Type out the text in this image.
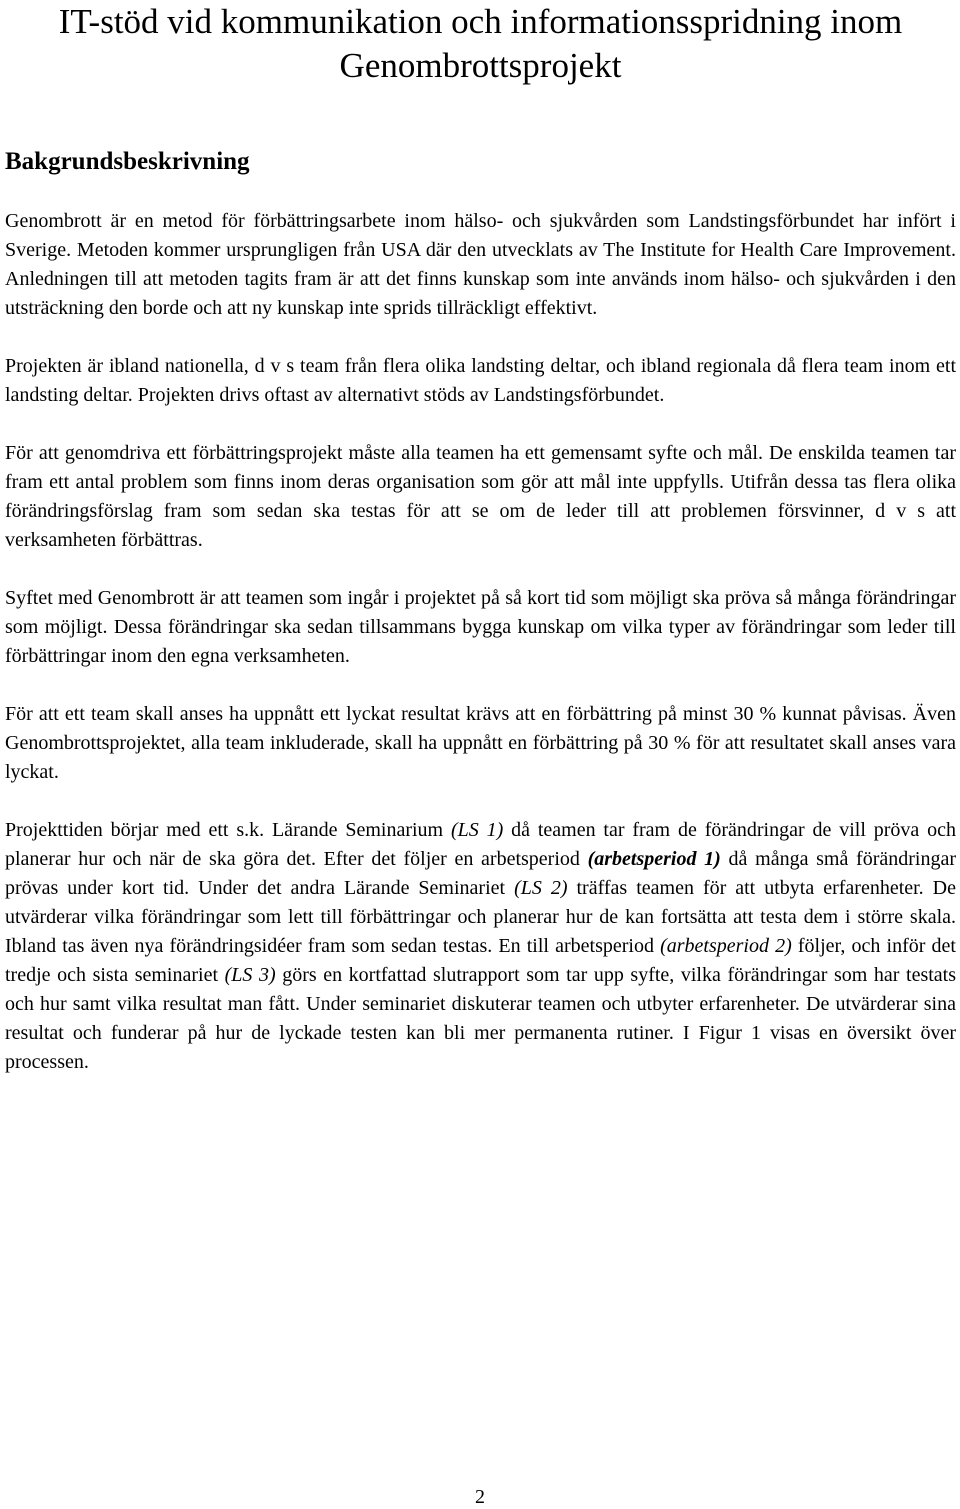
IT-stöd vid kommunikation och informationsspridning inom Genombrottsprojekt
Bakgrundsbeskrivning

Genombrott är en metod för förbättringsarbete inom hälso- och sjukvården som Landstingsförbundet har infört i Sverige. Metoden kommer ursprungligen från USA där den utvecklats av The Institute for Health Care Improvement. Anledningen till att metoden tagits fram är att det finns kunskap som inte används inom hälso- och sjukvården i den utsträckning den borde och att ny kunskap inte sprids tillräckligt effektivt.

Projekten är ibland nationella, d v s team från flera olika landsting deltar, och ibland regionala då flera team inom ett landsting deltar. Projekten drivs oftast av alternativt stöds av Landstingsförbundet.

För att genomdriva ett förbättringsprojekt måste alla teamen ha ett gemensamt syfte och mål. De enskilda teamen tar fram ett antal problem som finns inom deras organisation som gör att mål inte uppfylls. Utifrån dessa tas flera olika förändringsförslag fram som sedan ska testas för att se om de leder till att problemen försvinner, d v s att verksamheten förbättras.

Syftet med Genombrott är att teamen som ingår i projektet på så kort tid som möjligt ska pröva så många förändringar som möjligt. Dessa förändringar ska sedan tillsammans bygga kunskap om vilka typer av förändringar som leder till förbättringar inom den egna verksamheten.

För att ett team skall anses ha uppnått ett lyckat resultat krävs att en förbättring på minst 30 % kunnat påvisas. Även Genombrottsprojektet, alla team inkluderade, skall ha uppnått en förbättring på 30 % för att resultatet skall anses vara lyckat.

Projekttiden börjar med ett s.k. Lärande Seminarium (LS 1) då teamen tar fram de förändringar de vill pröva och planerar hur och när de ska göra det. Efter det följer en arbetsperiod (arbetsperiod 1) då många små förändringar prövas under kort tid. Under det andra Lärande Seminariet (LS 2) träffas teamen för att utbyta erfarenheter. De utvärderar vilka förändringar som lett till förbättringar och planerar hur de kan fortsätta att testa dem i större skala. Ibland tas även nya förändringsidéer fram som sedan testas. En till arbetsperiod (arbetsperiod 2) följer, och inför det tredje och sista seminariet (LS 3) görs en kortfattad slutrapport som tar upp syfte, vilka förändringar som har testats och hur samt vilka resultat man fått. Under seminariet diskuterar teamen och utbyter erfarenheter. De utvärderar sina resultat och funderar på hur de lyckade testen kan bli mer permanenta rutiner. I Figur 1 visas en översikt över processen.

2
